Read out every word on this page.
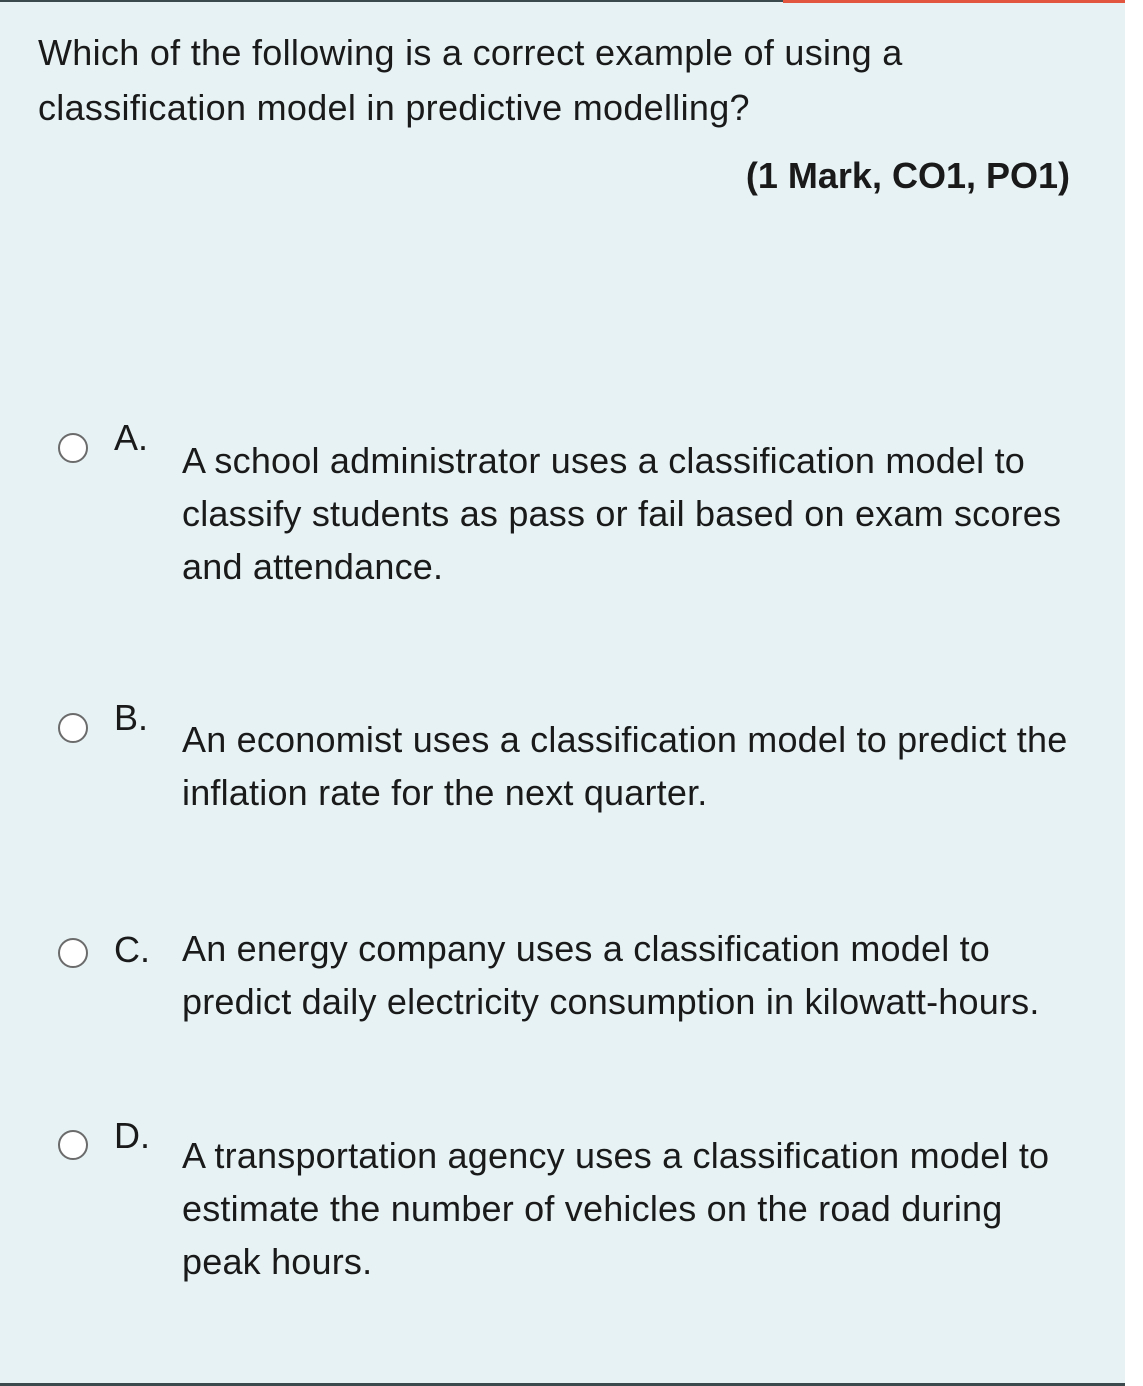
Which of the following is a correct example of using a classification model in predictive modelling?
(1 Mark, CO1, PO1)
A.
A school administrator uses a classification model to classify students as pass or fail based on exam scores and attendance.
B.
An economist uses a classification model to predict the inflation rate for the next quarter.
C. An energy company uses a classification model to predict daily electricity consumption in kilowatt-hours.
D. A transportation agency uses a classification model to estimate the number of vehicles on the road during peak hours.
